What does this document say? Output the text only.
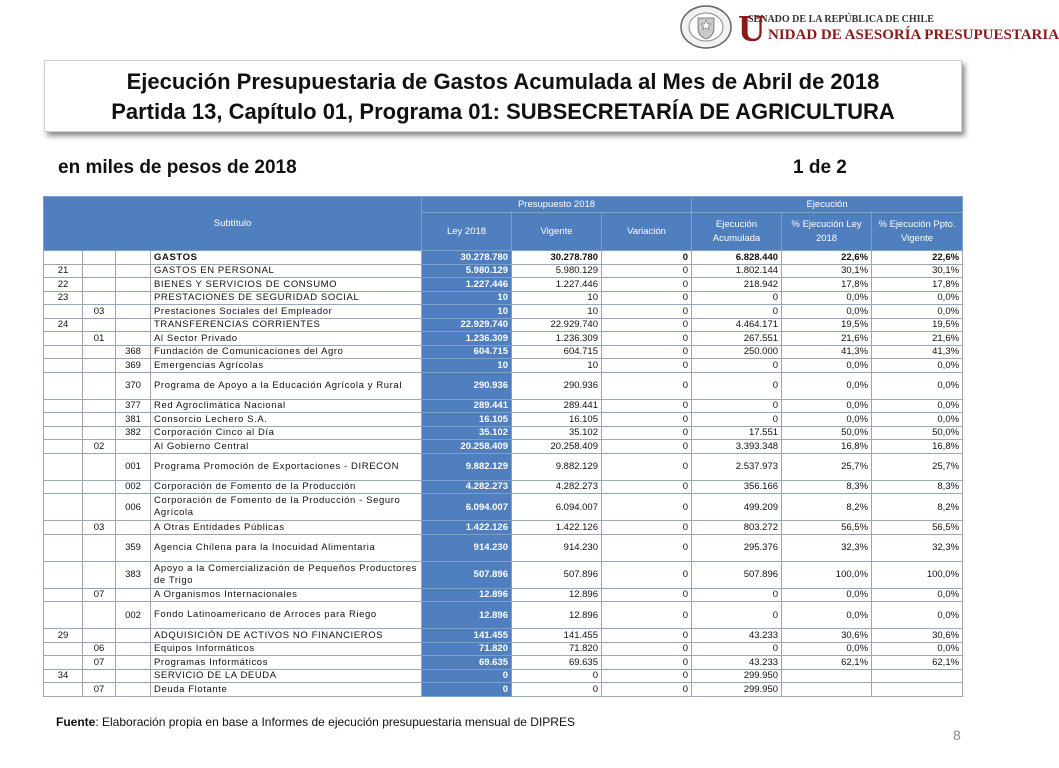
SENADO DE LA REPÚBLICA DE CHILE
U NIDAD DE ASESORÍA PRESUPUESTARIA
Ejecución Presupuestaria de Gastos Acumulada al Mes de Abril de 2018
Partida 13, Capítulo 01, Programa 01: SUBSECRETARÍA DE AGRICULTURA
en miles de pesos de 2018	1 de 2
Subtítulo				Presupuesto 2018			Ejecución		
				Ley 2018	Vigente	Variación	Ejecución Acumulada	% Ejecución Ley 2018	% Ejecución Ppto. Vigente
			GASTOS	30.278.780	30.278.780	0	6.828.440	22,6%	22,6%
21			GASTOS EN PERSONAL	5.980.129	5.980.129	0	1.802.144	30,1%	30,1%
22			BIENES Y SERVICIOS DE CONSUMO	1.227.446	1.227.446	0	218.942	17,8%	17,8%
23			PRESTACIONES DE SEGURIDAD SOCIAL	10	10	0	0	0,0%	0,0%
	03		Prestaciones Sociales del Empleador	10	10	0	0	0,0%	0,0%
24			TRANSFERENCIAS CORRIENTES	22.929.740	22.929.740	0	4.464.171	19,5%	19,5%
	01		Al Sector Privado	1.236.309	1.236.309	0	267.551	21,6%	21,6%
		368	Fundación de Comunicaciones del Agro	604.715	604.715	0	250.000	41,3%	41,3%
		369	Emergencias Agrícolas	10	10	0	0	0,0%	0,0%
		370	Programa de Apoyo a la Educación Agrícola y Rural	290.936	290.936	0	0	0,0%	0,0%
		377	Red Agroclimática Nacional	289.441	289.441	0	0	0,0%	0,0%
		381	Consorcio Lechero S.A.	16.105	16.105	0	0	0,0%	0,0%
		382	Corporación Cinco al Día	35.102	35.102	0	17.551	50,0%	50,0%
	02		Al Gobierno Central	20.258.409	20.258.409	0	3.393.348	16,8%	16,8%
		001	Programa Promoción de Exportaciones - DIRECON	9.882.129	9.882.129	0	2.537.973	25,7%	25,7%
		002	Corporación de Fomento de la Producción	4.282.273	4.282.273	0	356.166	8,3%	8,3%
		006	Corporación de Fomento de la Producción - Seguro Agrícola	6.094.007	6.094.007	0	499.209	8,2%	8,2%
	03		A Otras Entidades Públicas	1.422.126	1.422.126	0	803.272	56,5%	56,5%
		359	Agencia Chilena para la Inocuidad Alimentaria	914.230	914.230	0	295.376	32,3%	32,3%
		383	Apoyo a la Comercialización de Pequeños Productores de Trigo	507.896	507.896	0	507.896	100,0%	100,0%
	07		A Organismos Internacionales	12.896	12.896	0	0	0,0%	0,0%
		002	Fondo Latinoamericano de Arroces para Riego	12.896	12.896	0	0	0,0%	0,0%
29			ADQUISICIÓN DE ACTIVOS NO FINANCIEROS	141.455	141.455	0	43.233	30,6%	30,6%
	06		Equipos Informáticos	71.820	71.820	0	0	0,0%	0,0%
	07		Programas Informáticos	69.635	69.635	0	43.233	62,1%	62,1%
34			SERVICIO DE LA DEUDA	0	0	0	299.950		
	07		Deuda Flotante	0	0	0	299.950		
Fuente: Elaboración propia en base a Informes de ejecución presupuestaria mensual de DIPRES
8
